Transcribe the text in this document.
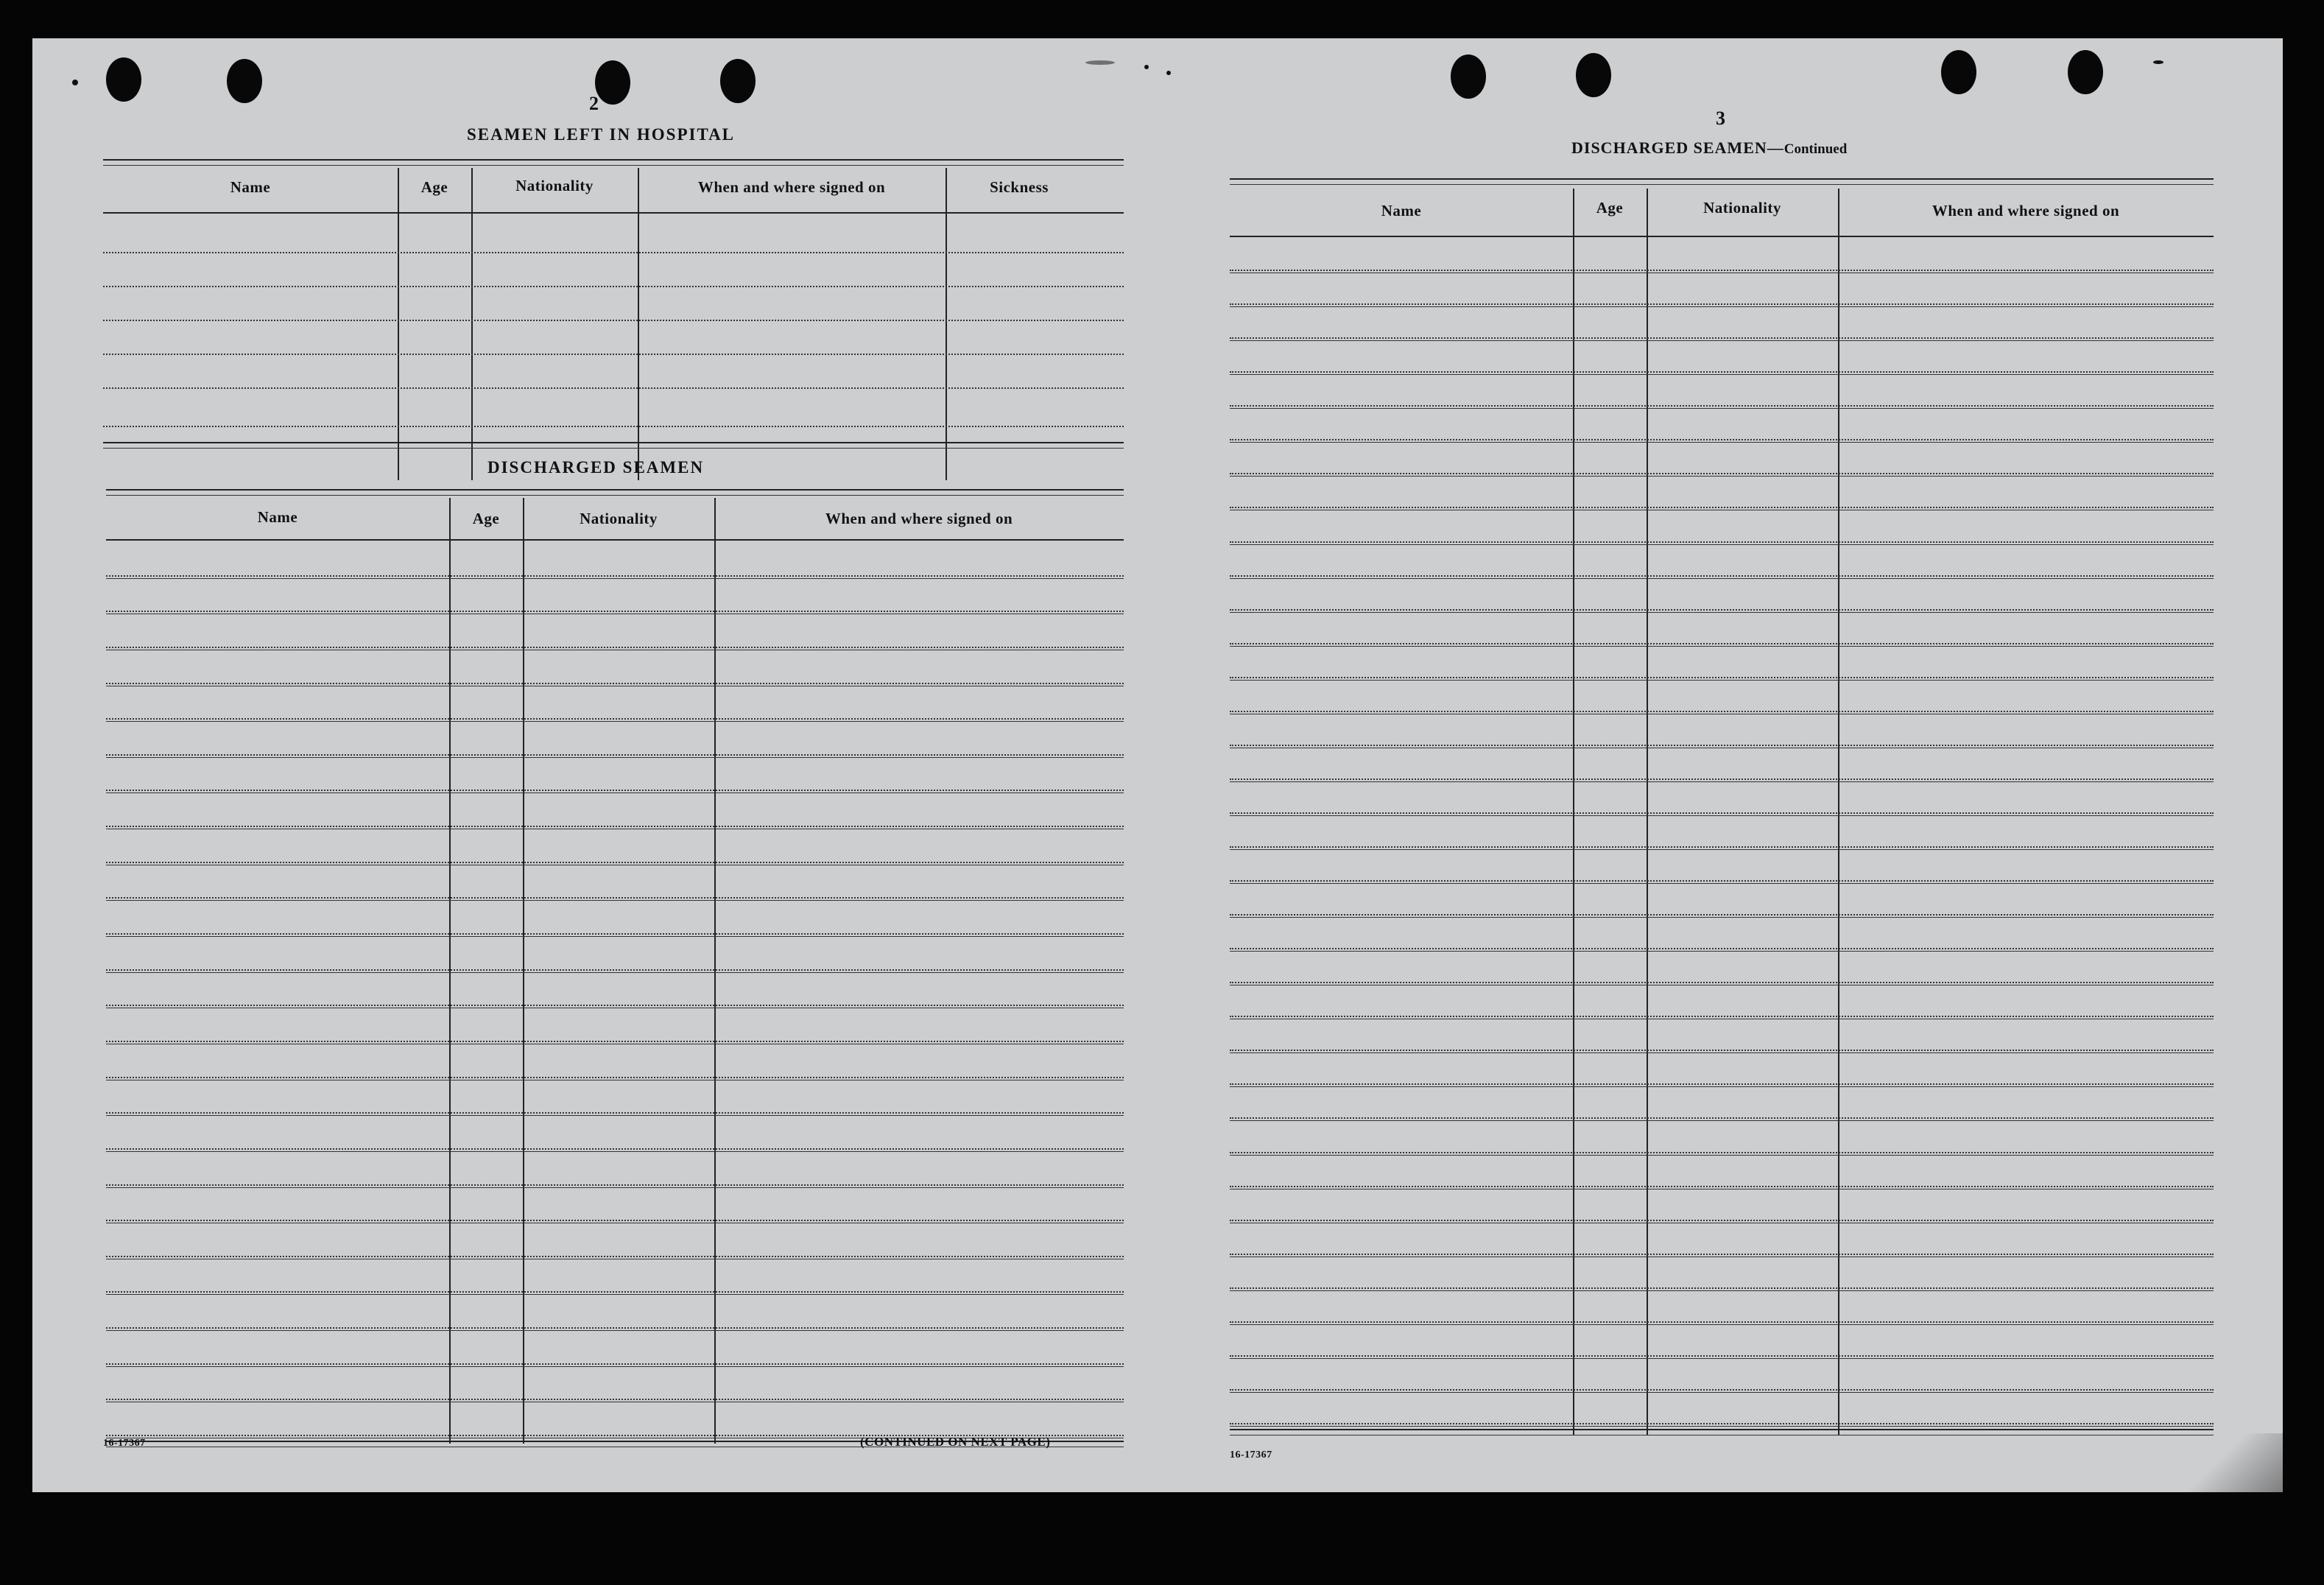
2
SEAMEN LEFT IN HOSPITAL
Name	Age	Nationality	When and where signed on	Sickness
DISCHARGED SEAMEN
Name	Age	Nationality	When and where signed on
16-17367	(CONTINUED ON NEXT PAGE)
3
DISCHARGED SEAMEN—Continued
Name	Age	Nationality	When and where signed on
16-17367
